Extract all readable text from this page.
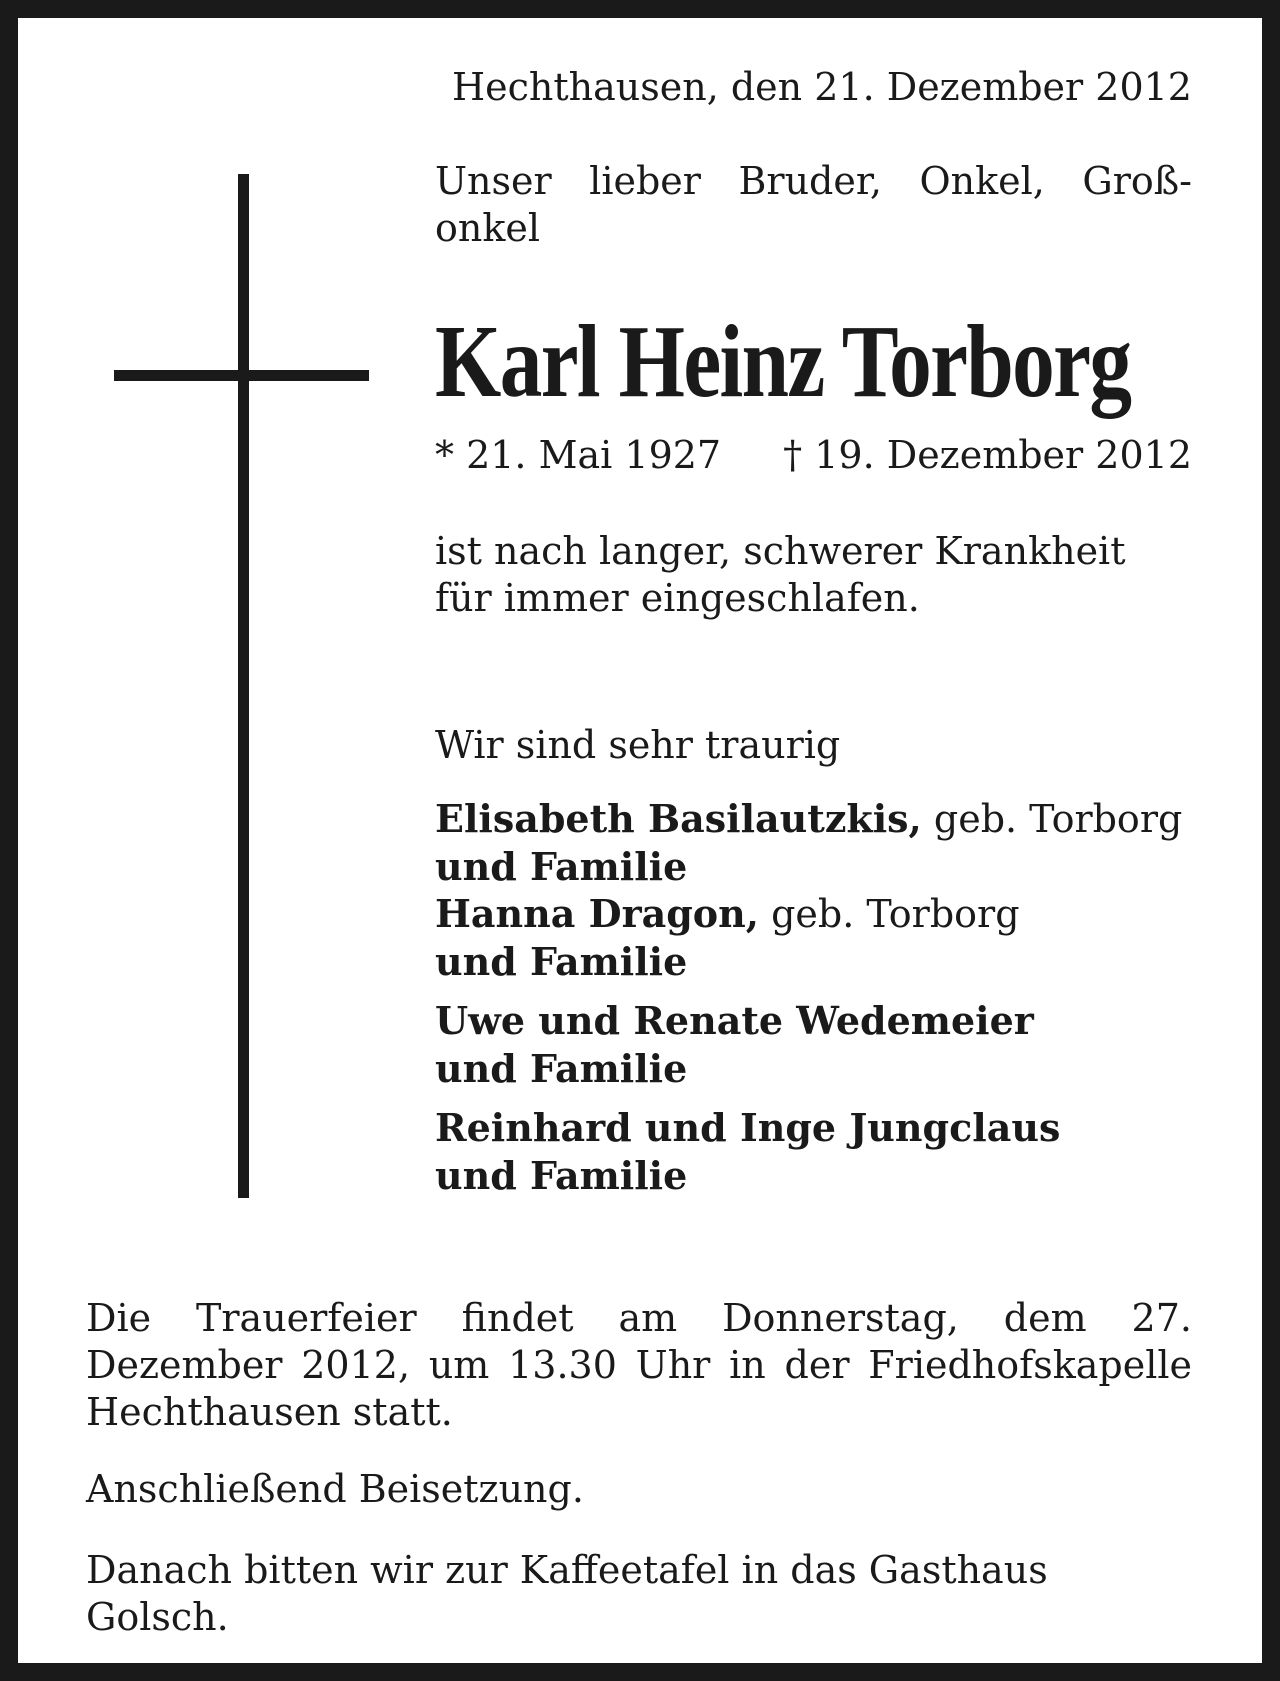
Hechthausen, den 21. Dezember 2012
Unser lieber Bruder, Onkel, Groß-onkel
Karl Heinz Torborg
* 21. Mai 1927 † 19. Dezember 2012
ist nach langer, schwerer Krankheit
für immer eingeschlafen.
Wir sind sehr traurig
Elisabeth Basilautzkis, geb. Torborg
und Familie
Hanna Dragon, geb. Torborg
und Familie
Uwe und Renate Wedemeier
und Familie
Reinhard und Inge Jungclaus
und Familie
Die Trauerfeier findet am Donnerstag, dem 27. Dezember 2012, um 13.30 Uhr in der Friedhofskapelle Hechthausen statt.
Anschließend Beisetzung.
Danach bitten wir zur Kaffeetafel in das Gasthaus Golsch.
